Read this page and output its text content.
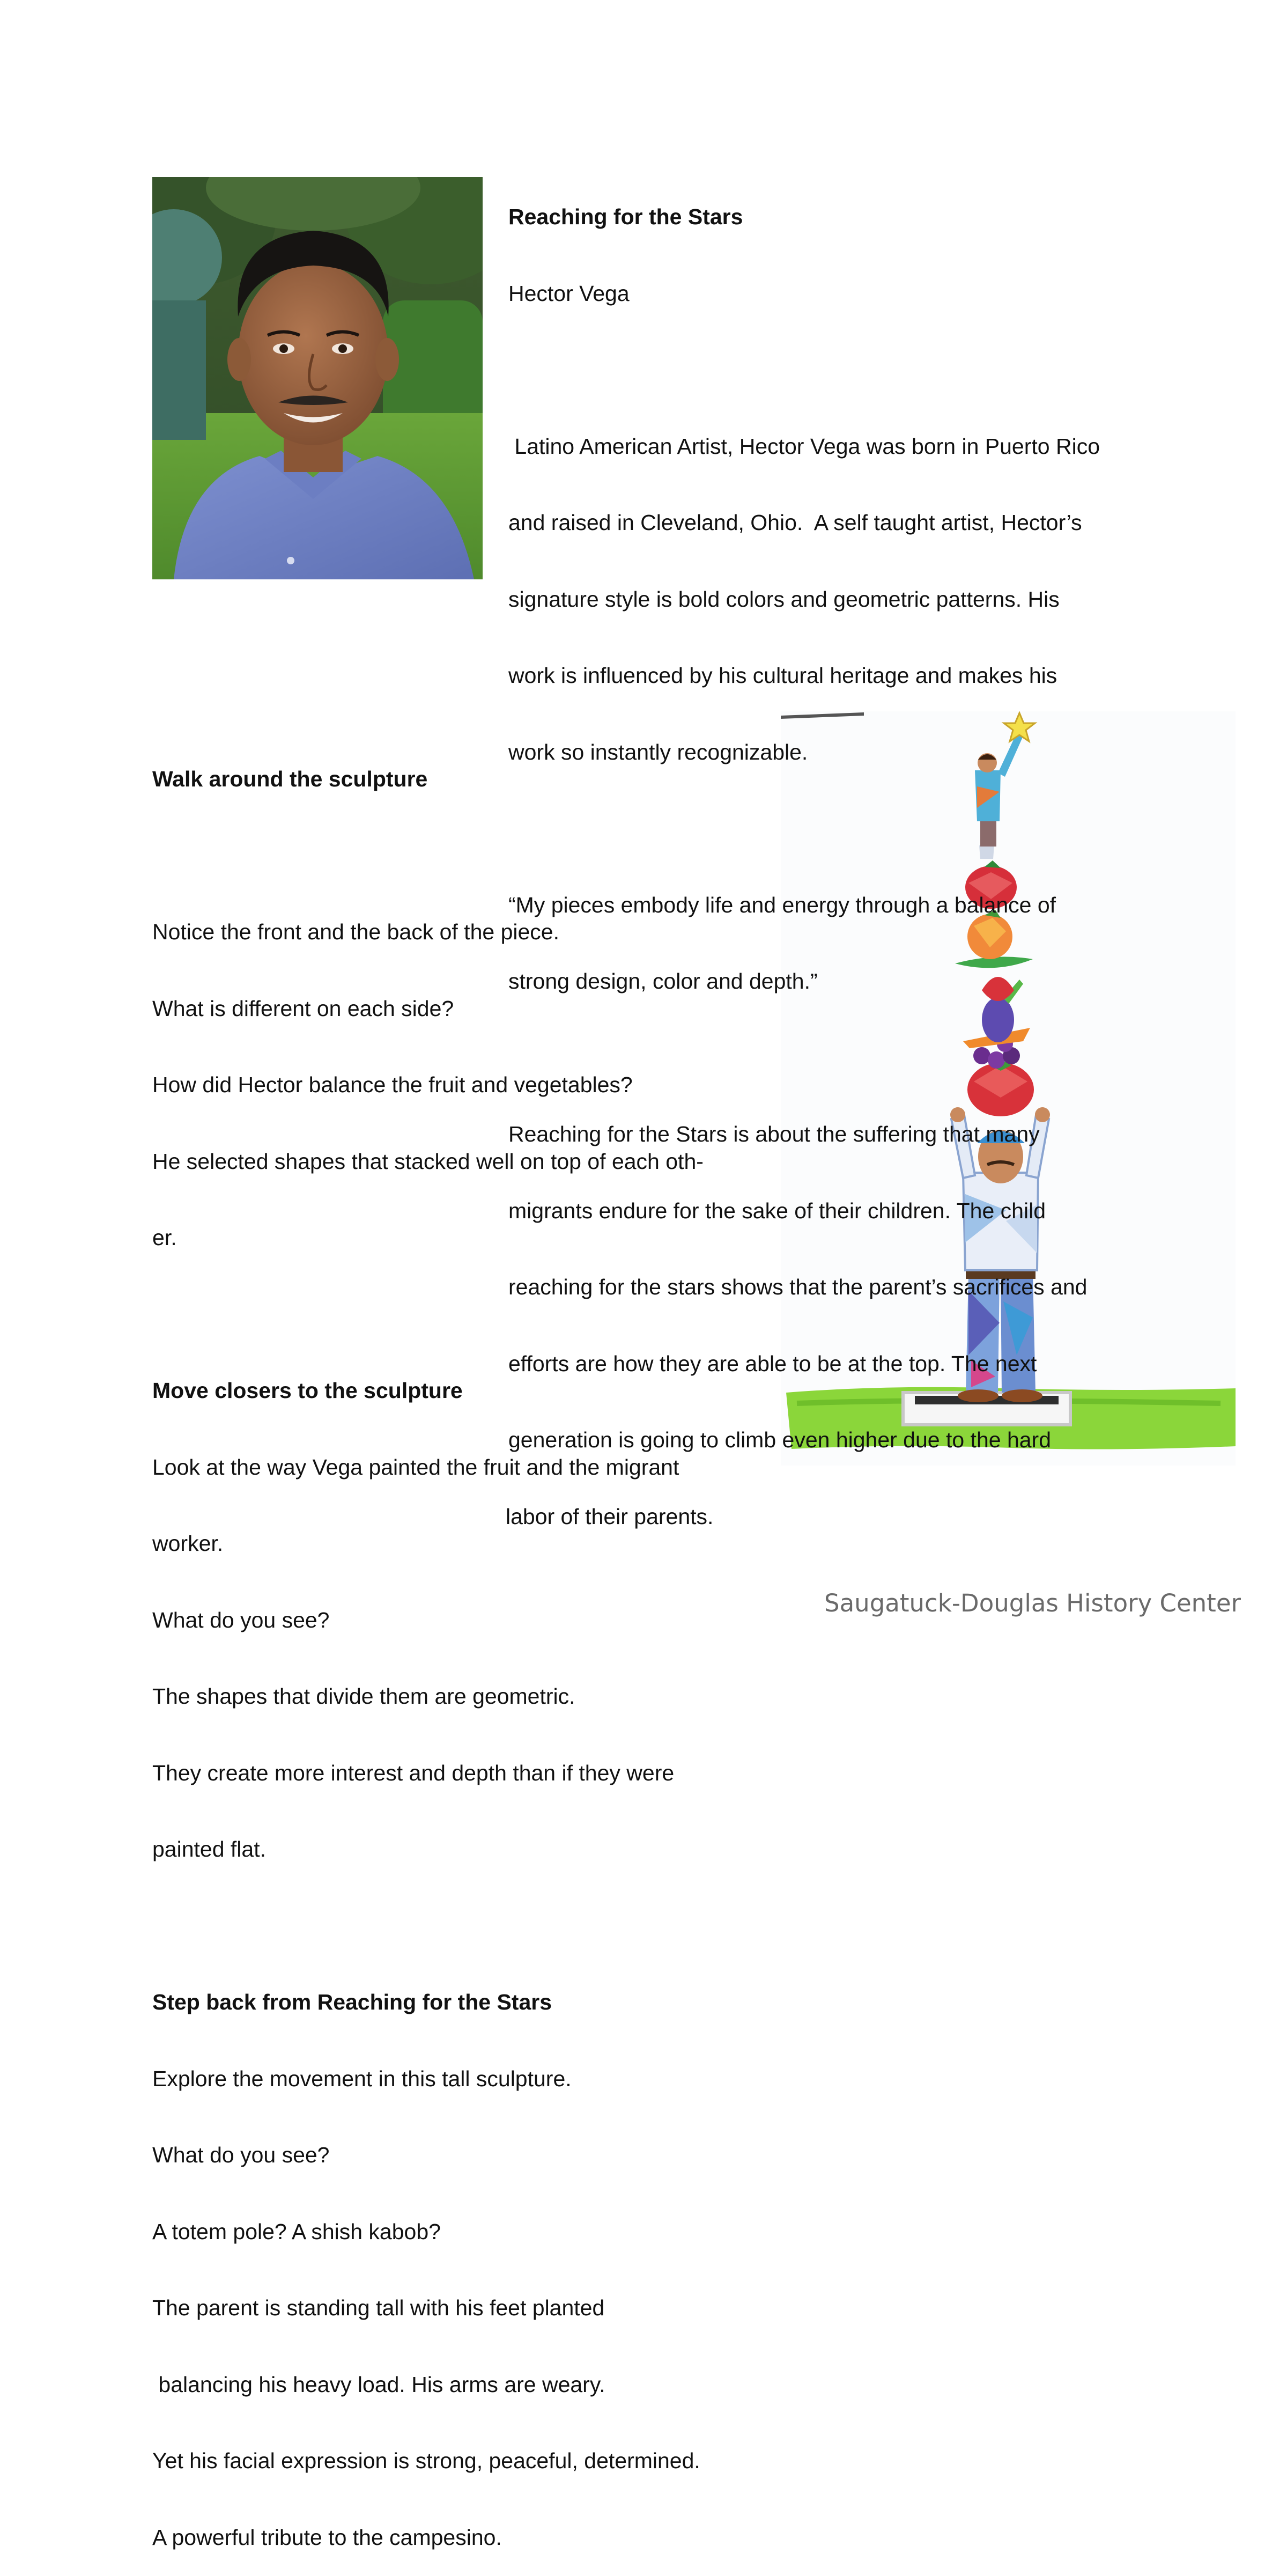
Reaching for the Stars

Hector Vega

Latino American Artist, Hector Vega was born in Puerto Rico

and raised in Cleveland, Ohio.  A self taught artist, Hector’s

signature style is bold colors and geometric patterns. His

work is influenced by his cultural heritage and makes his

work so instantly recognizable.

“My pieces embody life and energy through a balance of

strong design, color and depth.”

Reaching for the Stars is about the suffering that many

migrants endure for the sake of their children. The child

reaching for the stars shows that the parent’s sacrifices and

efforts are how they are able to be at the top. The next

generation is going to climb even higher due to the hard

labor of their parents.

Walk around the sculpture

Notice the front and the back of the piece.

What is different on each side?

How did Hector balance the fruit and vegetables?

He selected shapes that stacked well on top of each oth-

er.

Move closers to the sculpture

Look at the way Vega painted the fruit and the migrant

worker.

What do you see?

The shapes that divide them are geometric.

They create more interest and depth than if they were

painted flat.

Step back from Reaching for the Stars

Explore the movement in this tall sculpture.

What do you see?

A totem pole? A shish kabob?

The parent is standing tall with his feet planted

balancing his heavy load. His arms are weary.

Yet his facial expression is strong, peaceful, determined.

A powerful tribute to the campesino.

Saugatuck-Douglas History Center
